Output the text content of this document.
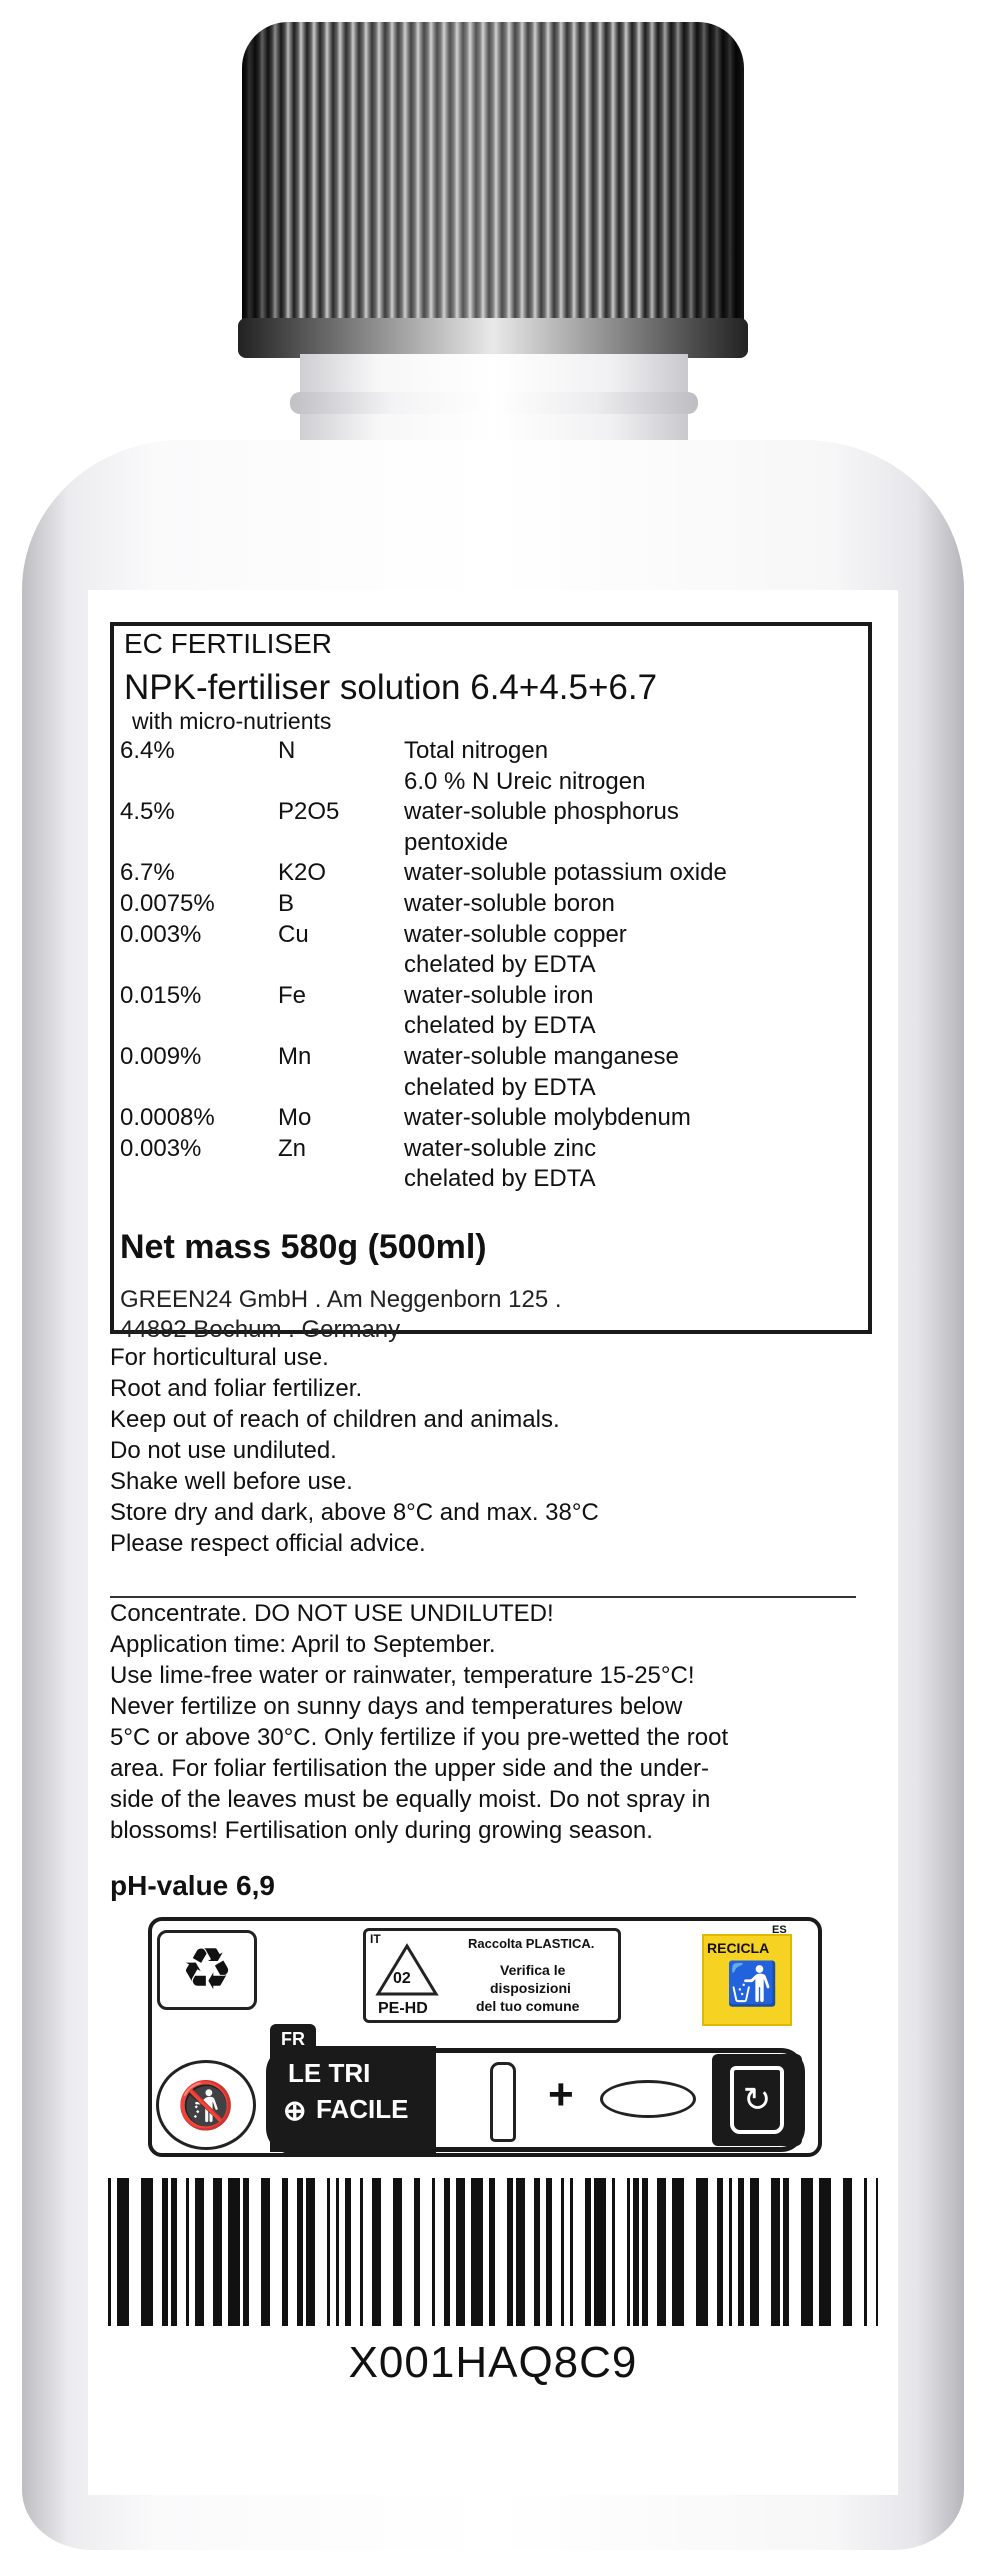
EC FERTILISER
NPK-fertiliser solution 6.4+4.5+6.7
with micro-nutrients
6.4%	N	Total nitrogen
6.0 % N Ureic nitrogen
4.5%	P2O5	water-soluble phosphorus
pentoxide
6.7%	K2O	water-soluble potassium oxide
0.0075%	B	water-soluble boron
0.003%	Cu	water-soluble copper
chelated by EDTA
0.015%	Fe	water-soluble iron
chelated by EDTA
0.009%	Mn	water-soluble manganese
chelated by EDTA
0.0008%	Mo	water-soluble molybdenum
0.003%	Zn	water-soluble zinc
chelated by EDTA
Net mass 580g (500ml)
GREEN24 GmbH . Am Neggenborn 125 .
44892 Bochum . Germany
For horticultural use.
Root and foliar fertilizer.
Keep out of reach of children and animals.
Do not use undiluted.
Shake well before use.
Store dry and dark, above 8°C and max. 38°C
Please respect official advice.
Concentrate. DO NOT USE UNDILUTED!
Application time: April to September.
Use lime-free water or rainwater, temperature 15-25°C!
Never fertilize on sunny days and temperatures below
5°C or above 30°C. Only fertilize if you pre-wetted the root
area. For foliar fertilisation the upper side and the under-
side of the leaves must be equally moist. Do not spray in
blossoms! Fertilisation only during growing season.
pH-value 6,9
♻	IT
02
PE-HD
Raccolta PLASTICA.
Verifica le
disposizioni
del tuo comune
ES
RECICLA
🚮
FR
LE TRI
⊕ FACILE	+	↻
🚯
X001HAQ8C9
